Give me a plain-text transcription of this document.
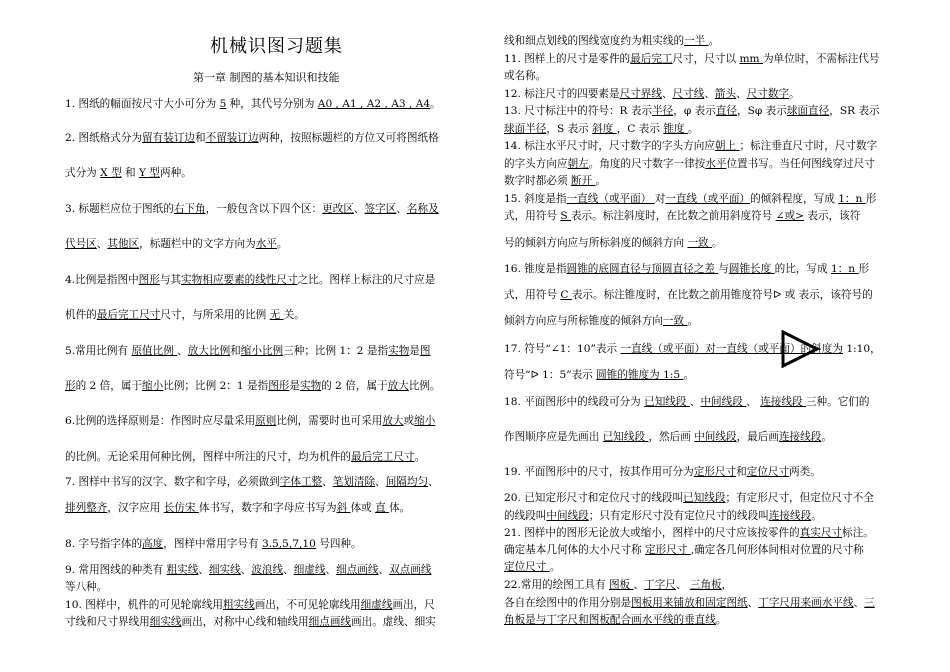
机械识图习题集
第一章 制图的基本知识和技能
1. 图纸的幅面按尺寸大小可分为 5 种，其代号分别为 A0 , A1 , A2 , A3 , A4。
2. 图纸格式分为留有装订边和不留装订边两种，按照标题栏的方位又可将图纸格
式分为 X 型 和 Y 型两种。
3. 标题栏应位于图纸的右下角，一般包含以下四个区：更改区、签字区、名称及
代号区、其他区，标题栏中的文字方向为水平。
4.比例是指图中图形与其实物相应要素的线性尺寸之比。图样上标注的尺寸应是
机件的最后完工尺寸尺寸，与所采用的比例 无 关。
5.常用比例有 原值比例 、放大比例和缩小比例三种；比例 1：2 是指实物是图
形的 2 倍，属于缩小比例；比例 2：1 是指图形是实物的 2 倍，属于放大比例。
6.比例的选择原则是：作图时应尽量采用原则比例，需要时也可采用放大或缩小
的比例。无论采用何种比例，图样中所注的尺寸，均为机件的最后完工尺寸。
7. 图样中书写的汉字、数字和字母，必须做到字体工整、笔划清除、间隔均匀、
排列整齐，汉字应用 长仿宋 体书写，数字和字母应书写为斜 体或 直 体。
8. 字号指字体的高度，图样中常用字号有 3.5,5,7,10 号四种。
9. 常用图线的种类有 粗实线、细实线、波浪线、细虚线、细点画线、双点画线
等八种。
10. 图样中，机件的可见轮廓线用粗实线画出，不可见轮廓线用细虚线画出，尺
寸线和尺寸界线用细实线画出，对称中心线和轴线用细点画线画出。虚线、细实
线和细点划线的图线宽度约为粗实线的一半 。
11. 图样上的尺寸是零件的最后完工尺寸，尺寸以 mm 为单位时，不需标注代号
或名称。
12. 标注尺寸的四要素是尺寸界线、尺寸线、箭头、尺寸数字。
13. 尺寸标注中的符号：R 表示半径，φ 表示直径，Sφ 表示球面直径，SR 表示
球面半径，S 表示 斜度 ，C 表示 锥度 。
14. 标注水平尺寸时，尺寸数字的字头方向应朝上 ；标注垂直尺寸时，尺寸数字
的字头方向应朝左。角度的尺寸数字一律按水平位置书写。当任何图线穿过尺寸
数字时都必须 断开 。
15. 斜度是指一直线（或平面） 对一直线（或平面）的倾斜程度，写成 1：n 形
式，用符号 S 表示。标注斜度时，在比数之前用斜度符号 ∠或> 表示，该符
号的倾斜方向应与所标斜度的倾斜方向 一致 。
16. 锥度是指圆锥的底圆直径与顶圆直径之差 与圆锥长度 的比，写成 1：n 形
式，用符号 C 表示。标注锥度时，在比数之前用锥度符号ᐅ 或 表示，该符号的
倾斜方向应与所标锥度的倾斜方向一致 。
17. 符号“∠1：10”表示 一直线（或平面）对一直线（或平面）的斜度为 1:10，
符号“ᐅ 1：5”表示 圆锥的锥度为 1:5 。
18. 平面图形中的线段可分为 已知线段 、中间线段 、 连接线段 三种。它们的
作图顺序应是先画出 已知线段 ，然后画 中间线段，最后画连接线段。
19. 平面图形中的尺寸，按其作用可分为定形尺寸和定位尺寸两类。
20. 已知定形尺寸和定位尺寸的线段叫已知线段；有定形尺寸，但定位尺寸不全
的线段叫中间线段；只有定形尺寸没有定位尺寸的线段叫连接线段。
21. 图样中的图形无论放大或缩小，图样中的尺寸应该按零件的真实尺寸标注。
确定基本几何体的大小尺寸称 定形尺寸 ,确定各几何形体间相对位置的尺寸称
定位尺寸 。
22.常用的绘图工具有 图板 、丁字尺、 三角板，
各自在绘图中的作用分别是图板用来铺放和固定图纸、丁字尺用来画水平线、三
角板是与丁字尺和图板配合画水平线的垂直线。
